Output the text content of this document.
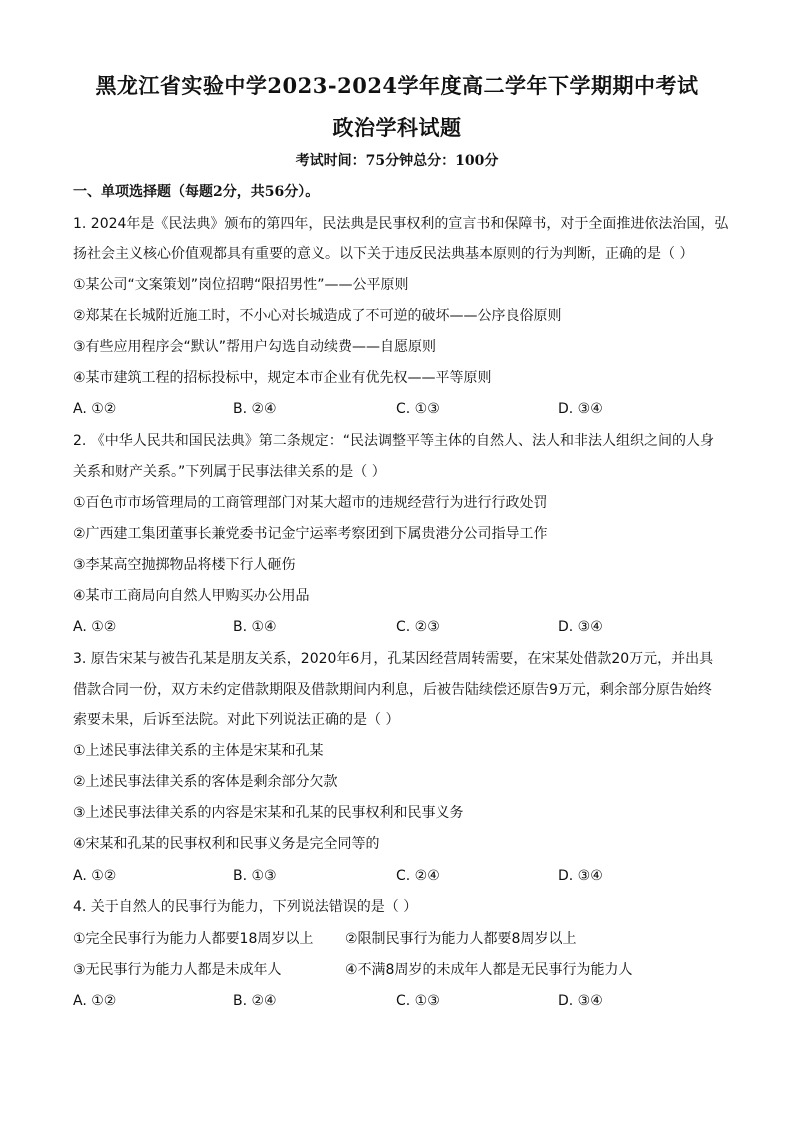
黑龙江省实验中学2023-2024学年度高二学年下学期期中考试
政治学科试题
考试时间：75分钟总分：100分
一、单项选择题（每题2分，共56分）。
1. 2024年是《民法典》颁布的第四年，民法典是民事权利的宣言书和保障书，对于全面推进依法治国，弘
扬社会主义核心价值观都具有重要的意义。以下关于违反民法典基本原则的行为判断，正确的是（ ）
①某公司“文案策划”岗位招聘“限招男性”——公平原则
②郑某在长城附近施工时，不小心对长城造成了不可逆的破坏——公序良俗原则
③有些应用程序会“默认”帮用户勾选自动续费——自愿原则
④某市建筑工程的招标投标中，规定本市企业有优先权——平等原则
A. ①②	B. ②④	C. ①③	D. ③④
2. 《中华人民共和国民法典》第二条规定：“民法调整平等主体的自然人、法人和非法人组织之间的人身
关系和财产关系。”下列属于民事法律关系的是（ ）
①百色市市场管理局的工商管理部门对某大超市的违规经营行为进行行政处罚
②广西建工集团董事长兼党委书记金宁运率考察团到下属贵港分公司指导工作
③李某高空抛掷物品将楼下行人砸伤
④某市工商局向自然人甲购买办公用品
A. ①②	B. ①④	C. ②③	D. ③④
3. 原告宋某与被告孔某是朋友关系，2020年6月，孔某因经营周转需要，在宋某处借款20万元，并出具
借款合同一份，双方未约定借款期限及借款期间内利息，后被告陆续偿还原告9万元，剩余部分原告始终
索要未果，后诉至法院。对此下列说法正确的是（ ）
①上述民事法律关系的主体是宋某和孔某
②上述民事法律关系的客体是剩余部分欠款
③上述民事法律关系的内容是宋某和孔某的民事权利和民事义务
④宋某和孔某的民事权利和民事义务是完全同等的
A. ①②	B. ①③	C. ②④	D. ③④
4. 关于自然人的民事行为能力，下列说法错误的是（ ）
①完全民事行为能力人都要18周岁以上 ②限制民事行为能力人都要8周岁以上
③无民事行为能力人都是未成年人	④不满8周岁的未成年人都是无民事行为能力人
A. ①②	B. ②④	C. ①③	D. ③④
